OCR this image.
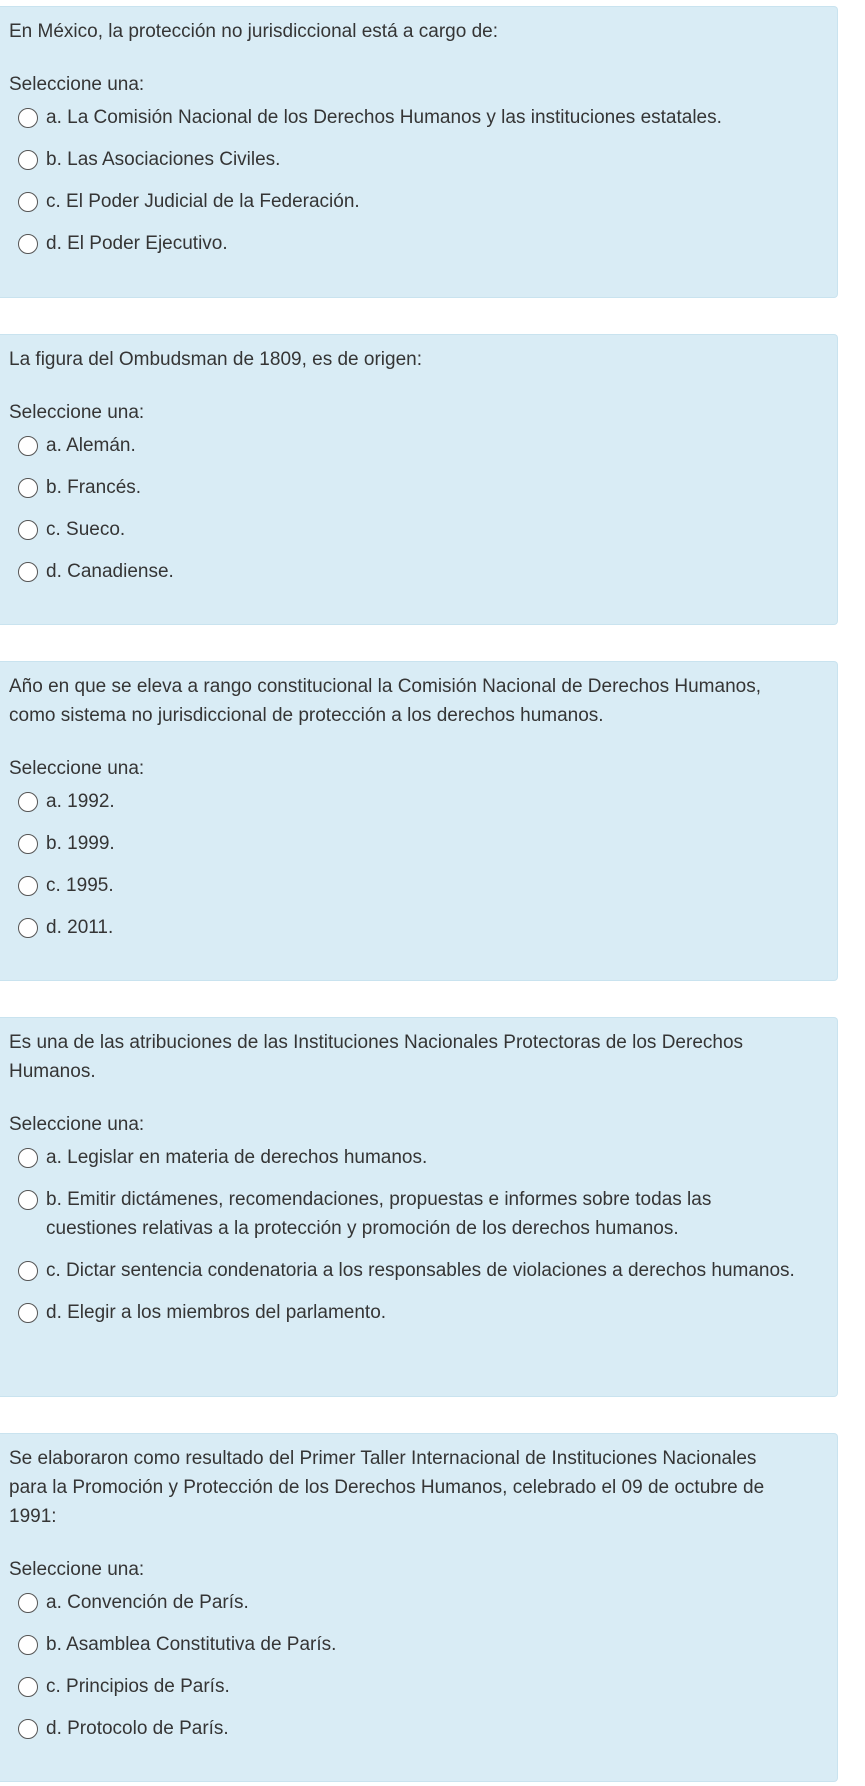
En México, la protección no jurisdiccional está a cargo de:
Seleccione una:
a. La Comisión Nacional de los Derechos Humanos y las instituciones estatales.
b. Las Asociaciones Civiles.
c. El Poder Judicial de la Federación.
d. El Poder Ejecutivo.
La figura del Ombudsman de 1809, es de origen:
Seleccione una:
a. Alemán.
b. Francés.
c. Sueco.
d. Canadiense.
Año en que se eleva a rango constitucional la Comisión Nacional de Derechos Humanos, como sistema no jurisdiccional de protección a los derechos humanos.
Seleccione una:
a. 1992.
b. 1999.
c. 1995.
d. 2011.
Es una de las atribuciones de las Instituciones Nacionales Protectoras de los Derechos Humanos.
Seleccione una:
a. Legislar en materia de derechos humanos.
b. Emitir dictámenes, recomendaciones, propuestas e informes sobre todas las cuestiones relativas a la protección y promoción de los derechos humanos.
c. Dictar sentencia condenatoria a los responsables de violaciones a derechos humanos.
d. Elegir a los miembros del parlamento.
Se elaboraron como resultado del Primer Taller Internacional de Instituciones Nacionales para la Promoción y Protección de los Derechos Humanos, celebrado el 09 de octubre de 1991:
Seleccione una:
a. Convención de París.
b. Asamblea Constitutiva de París.
c. Principios de París.
d. Protocolo de París.
